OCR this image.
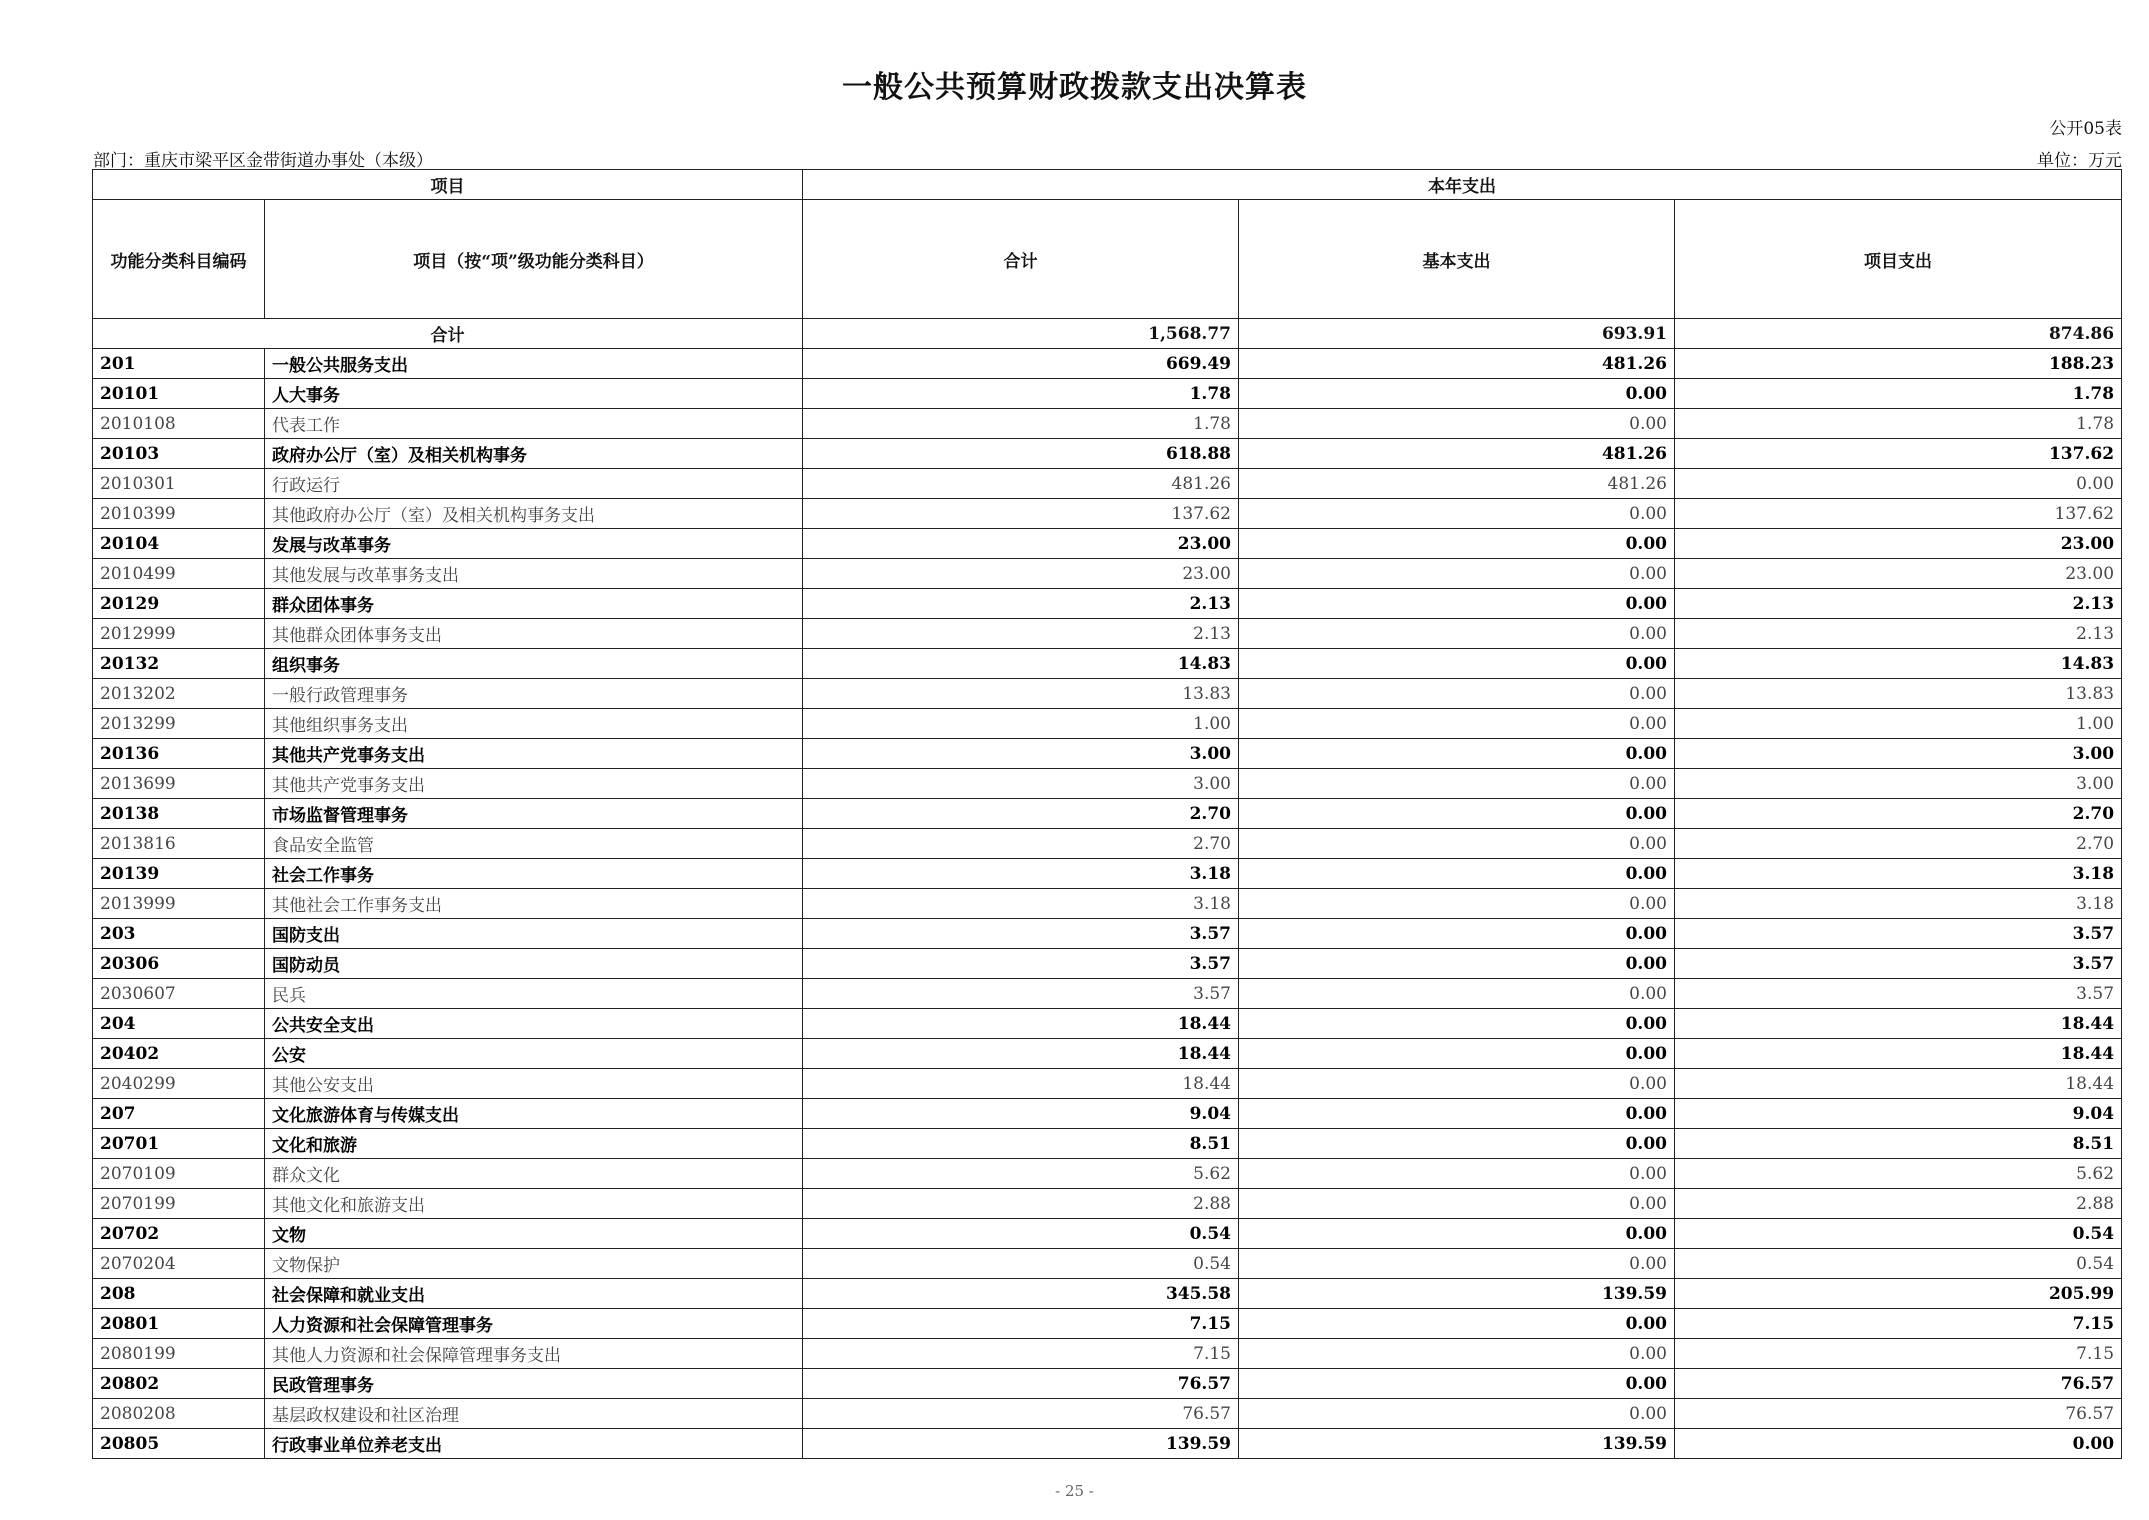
一般公共预算财政拨款支出决算表
公开05表
部门：重庆市梁平区金带街道办事处（本级）	单位：万元
项目		本年支出		
功能分类科目编码	项目（按“项”级功能分类科目）	合计	基本支出	项目支出
合计		1,568.77	693.91	874.86
201	一般公共服务支出	669.49	481.26	188.23
20101	人大事务	1.78	0.00	1.78
2010108	代表工作	1.78	0.00	1.78
20103	政府办公厅（室）及相关机构事务	618.88	481.26	137.62
2010301	行政运行	481.26	481.26	0.00
2010399	其他政府办公厅（室）及相关机构事务支出	137.62	0.00	137.62
20104	发展与改革事务	23.00	0.00	23.00
2010499	其他发展与改革事务支出	23.00	0.00	23.00
20129	群众团体事务	2.13	0.00	2.13
2012999	其他群众团体事务支出	2.13	0.00	2.13
20132	组织事务	14.83	0.00	14.83
2013202	一般行政管理事务	13.83	0.00	13.83
2013299	其他组织事务支出	1.00	0.00	1.00
20136	其他共产党事务支出	3.00	0.00	3.00
2013699	其他共产党事务支出	3.00	0.00	3.00
20138	市场监督管理事务	2.70	0.00	2.70
2013816	食品安全监管	2.70	0.00	2.70
20139	社会工作事务	3.18	0.00	3.18
2013999	其他社会工作事务支出	3.18	0.00	3.18
203	国防支出	3.57	0.00	3.57
20306	国防动员	3.57	0.00	3.57
2030607	民兵	3.57	0.00	3.57
204	公共安全支出	18.44	0.00	18.44
20402	公安	18.44	0.00	18.44
2040299	其他公安支出	18.44	0.00	18.44
207	文化旅游体育与传媒支出	9.04	0.00	9.04
20701	文化和旅游	8.51	0.00	8.51
2070109	群众文化	5.62	0.00	5.62
2070199	其他文化和旅游支出	2.88	0.00	2.88
20702	文物	0.54	0.00	0.54
2070204	文物保护	0.54	0.00	0.54
208	社会保障和就业支出	345.58	139.59	205.99
20801	人力资源和社会保障管理事务	7.15	0.00	7.15
2080199	其他人力资源和社会保障管理事务支出	7.15	0.00	7.15
20802	民政管理事务	76.57	0.00	76.57
2080208	基层政权建设和社区治理	76.57	0.00	76.57
20805	行政事业单位养老支出	139.59	139.59	0.00
- 25 -
